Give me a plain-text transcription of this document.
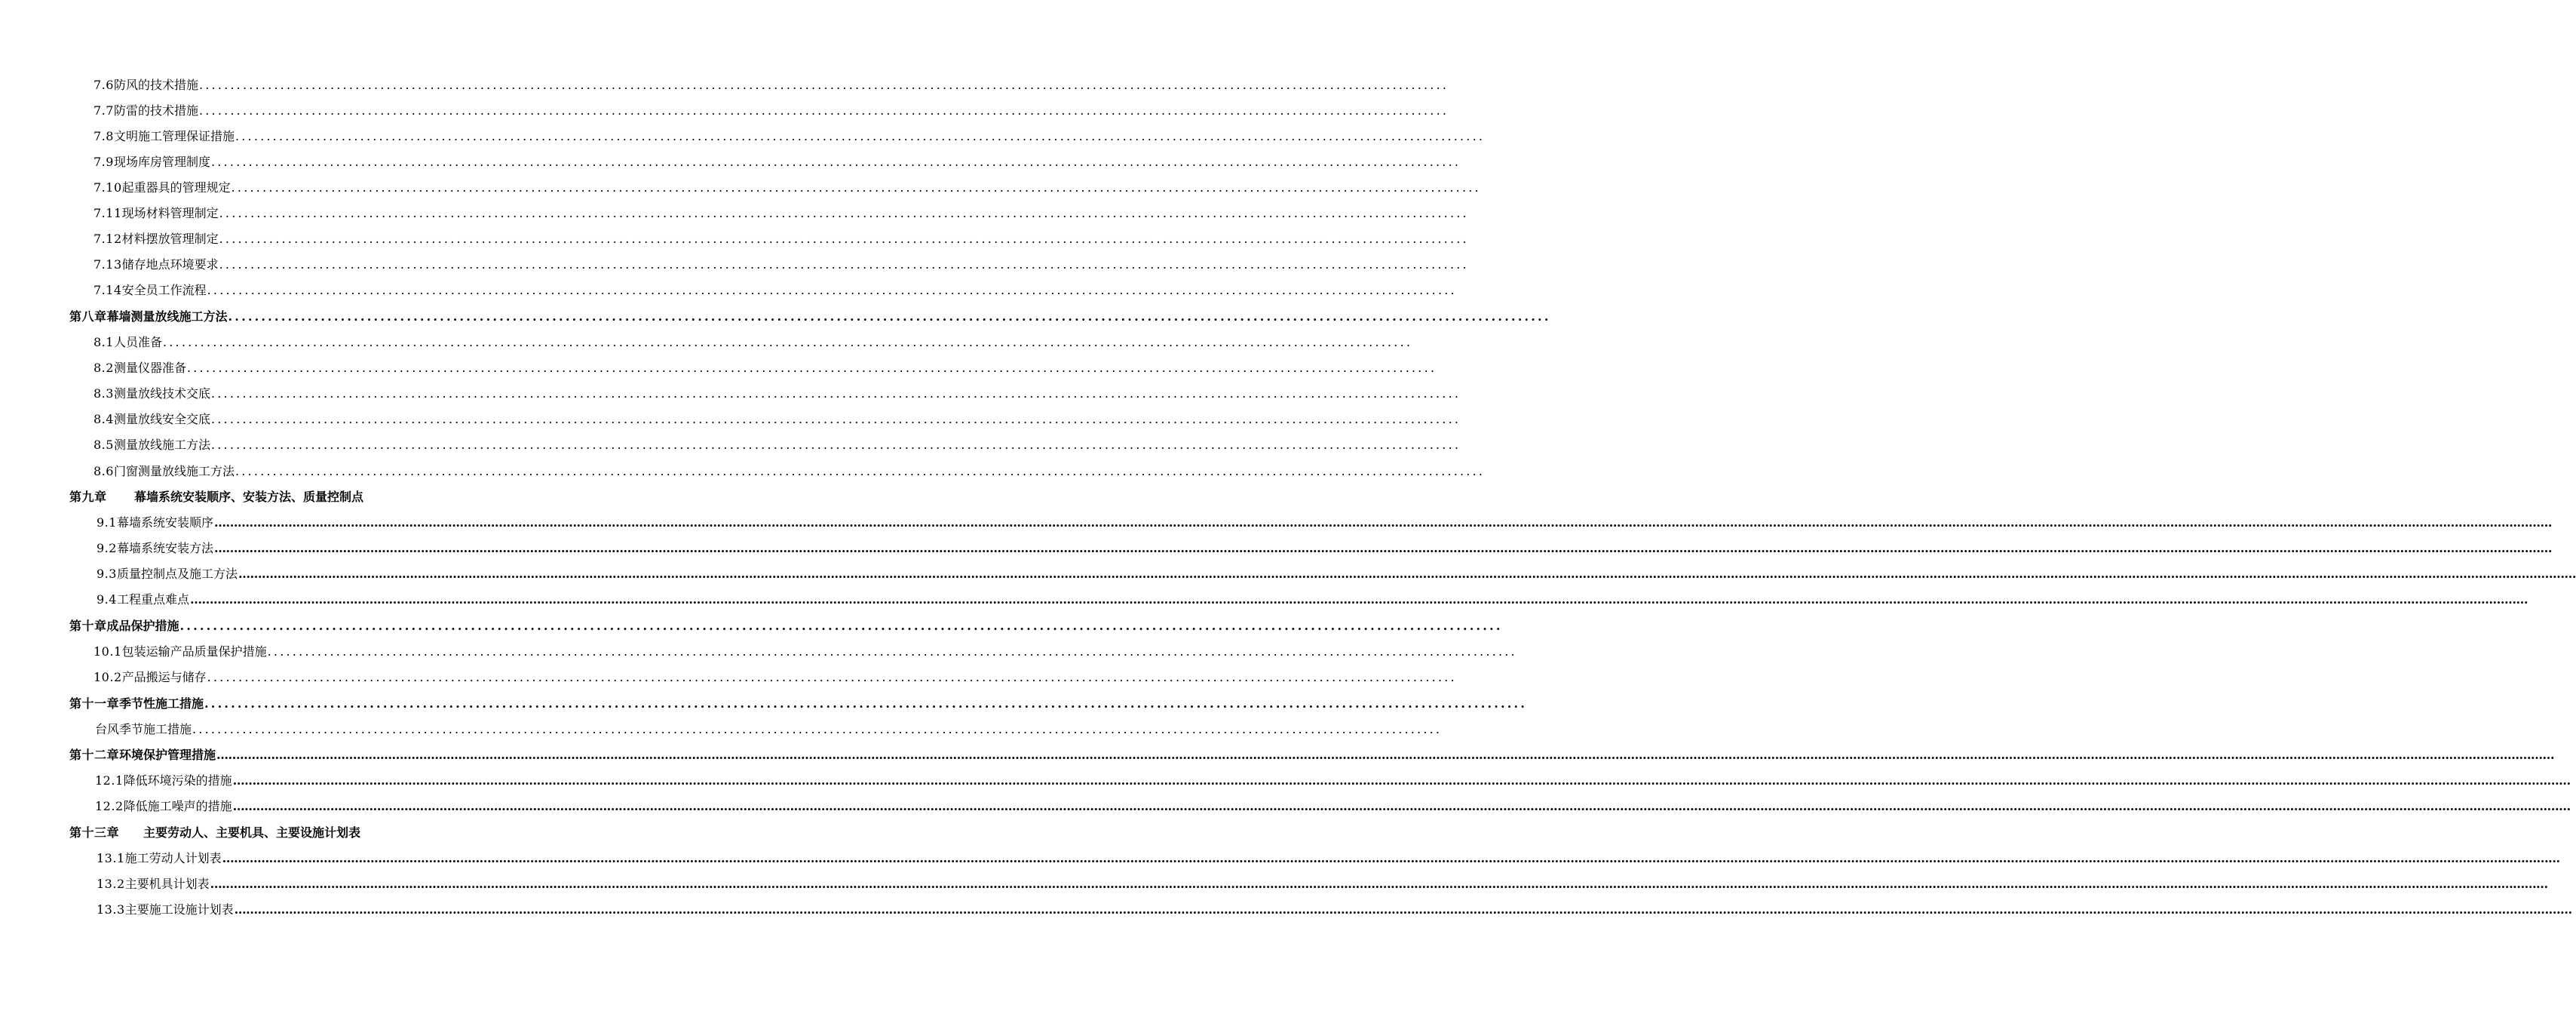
7.6 防风的技术措施 ........................................................................................................................................................................................................
7.7 防雷的技术措施 ........................................................................................................................................................................................................
7.8 文明施工管理保证措施 ........................................................................................................................................................................................................
7.9 现场库房管理制度 ........................................................................................................................................................................................................
7.10 起重器具的管理规定 ........................................................................................................................................................................................................
7.11 现场材料管理制定 ........................................................................................................................................................................................................
7.12 材料摆放管理制定 ........................................................................................................................................................................................................
7.13 储存地点环境要求 ........................................................................................................................................................................................................
7.14 安全员工作流程 ........................................................................................................................................................................................................
第八章 幕墙测量放线施工方法 ........................................................................................................................................................................................................
8.1 人员准备 ........................................................................................................................................................................................................
8.2 测量仪器准备 ........................................................................................................................................................................................................
8.3 测量放线技术交底 ........................................................................................................................................................................................................
8.4 测量放线安全交底 ........................................................................................................................................................................................................
8.5 测量放线施工方法 ........................................................................................................................................................................................................
8.6 门窗测量放线施工方法 ........................................................................................................................................................................................................
第九章	幕墙系统安装顺序、安装方法、质量控制点
9.1 幕墙系统安装顺序 ……………………………………………………………………………………………………………………………………………………………………………………………………………………………………………………………………………………………………………………………………………………………………………………………………………………………………………………………………………………………………………………………………………………
9.2 幕墙系统安装方法 ……………………………………………………………………………………………………………………………………………………………………………………………………………………………………………………………………………………………………………………………………………………………………………………………………………………………………………………………………………………………………………………………………………………
9.3 质量控制点及施工方法 ……………………………………………………………………………………………………………………………………………………………………………………………………………………………………………………………………………………………………………………………………………………………………………………………………………………………………………………………………………………………………………………………………………………
9.4 工程重点难点 ……………………………………………………………………………………………………………………………………………………………………………………………………………………………………………………………………………………………………………………………………………………………………………………………………………………………………………………………………………………………………………………………………………………
第十章 成品保护措施 ........................................................................................................................................................................................................
10.1 包装运输产品质量保护措施 ........................................................................................................................................................................................................
10.2 产品搬运与储存 ........................................................................................................................................................................................................
第十一章 季节性施工措施 ........................................................................................................................................................................................................
台风季节施工措施 ........................................................................................................................................................................................................
第十二章 环境保护管理措施 ……………………………………………………………………………………………………………………………………………………………………………………………………………………………………………………………………………………………………………………………………………………………………………………………………………………………………………………………………………………………………………………………………………………
12.1 降低环境污染的措施 ……………………………………………………………………………………………………………………………………………………………………………………………………………………………………………………………………………………………………………………………………………………………………………………………………………………………………………………………………………………………………………………………………………………
12.2 降低施工噪声的措施 ……………………………………………………………………………………………………………………………………………………………………………………………………………………………………………………………………………………………………………………………………………………………………………………………………………………………………………………………………………………………………………………………………………………
第十三章	主要劳动人、主要机具、主要设施计划表
13.1 施工劳动人计划表 ……………………………………………………………………………………………………………………………………………………………………………………………………………………………………………………………………………………………………………………………………………………………………………………………………………………………………………………………………………………………………………………………………………………
13.2 主要机具计划表 ……………………………………………………………………………………………………………………………………………………………………………………………………………………………………………………………………………………………………………………………………………………………………………………………………………………………………………………………………………………………………………………………………………………
13.3 主要施工设施计划表 ……………………………………………………………………………………………………………………………………………………………………………………………………………………………………………………………………………………………………………………………………………………………………………………………………………………………………………………………………………………………………………………………………………………
